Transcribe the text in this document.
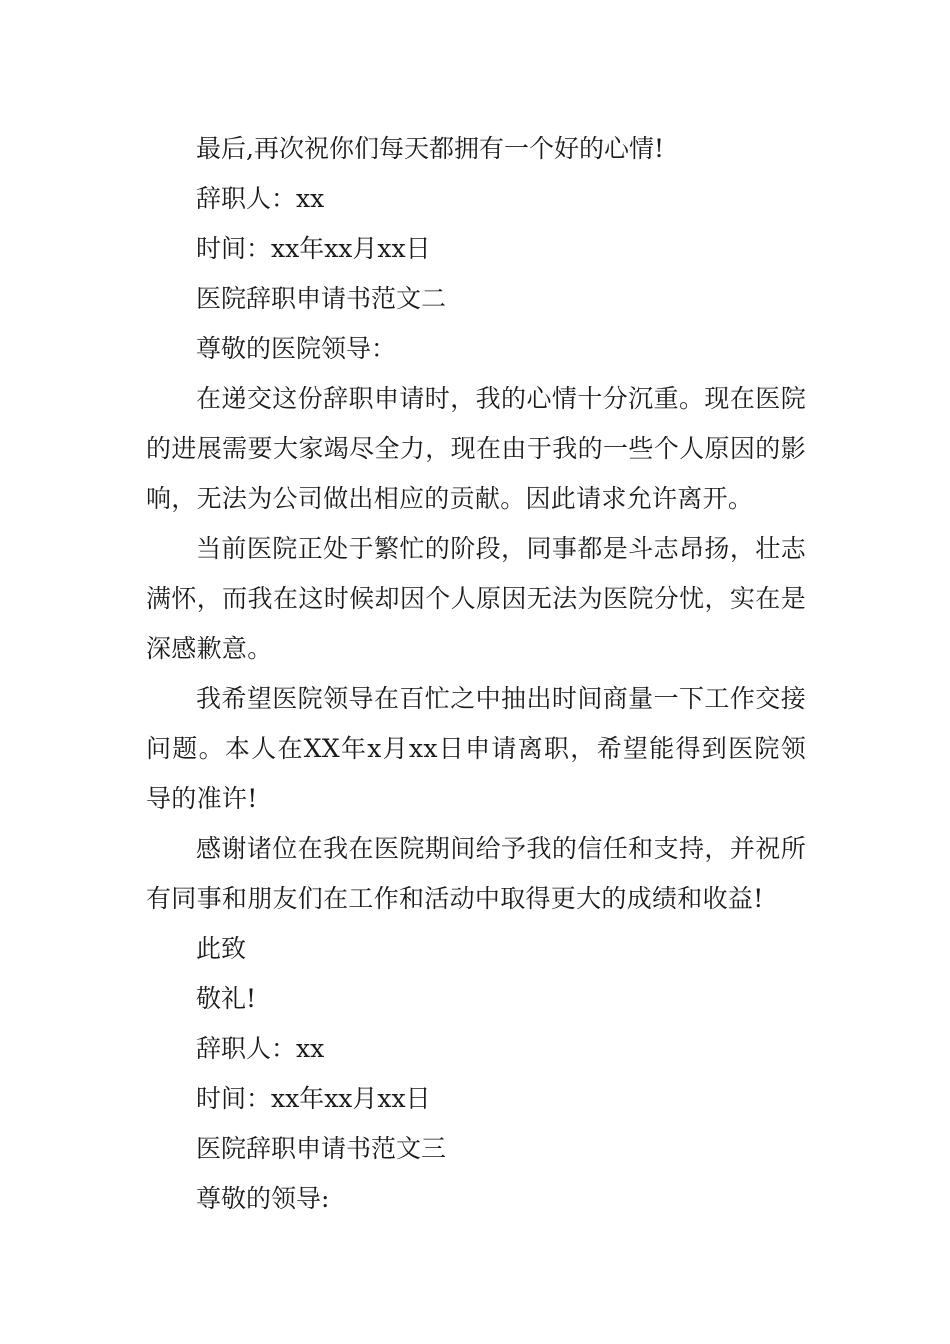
最后,再次祝你们每天都拥有一个好的心情!
辞职人：xx
时间：xx年xx月xx日
医院辞职申请书范文二
尊敬的医院领导：
在递交这份辞职申请时，我的心情十分沉重。现在医院的进展需要大家竭尽全力，现在由于我的一些个人原因的影响，无法为公司做出相应的贡献。因此请求允许离开。
当前医院正处于繁忙的阶段，同事都是斗志昂扬，壮志满怀，而我在这时候却因个人原因无法为医院分忧，实在是深感歉意。
我希望医院领导在百忙之中抽出时间商量一下工作交接问题。本人在XX年x月xx日申请离职，希望能得到医院领导的准许!
感谢诸位在我在医院期间给予我的信任和支持，并祝所有同事和朋友们在工作和活动中取得更大的成绩和收益!
此致
敬礼!
辞职人：xx
时间：xx年xx月xx日
医院辞职申请书范文三
尊敬的领导:
